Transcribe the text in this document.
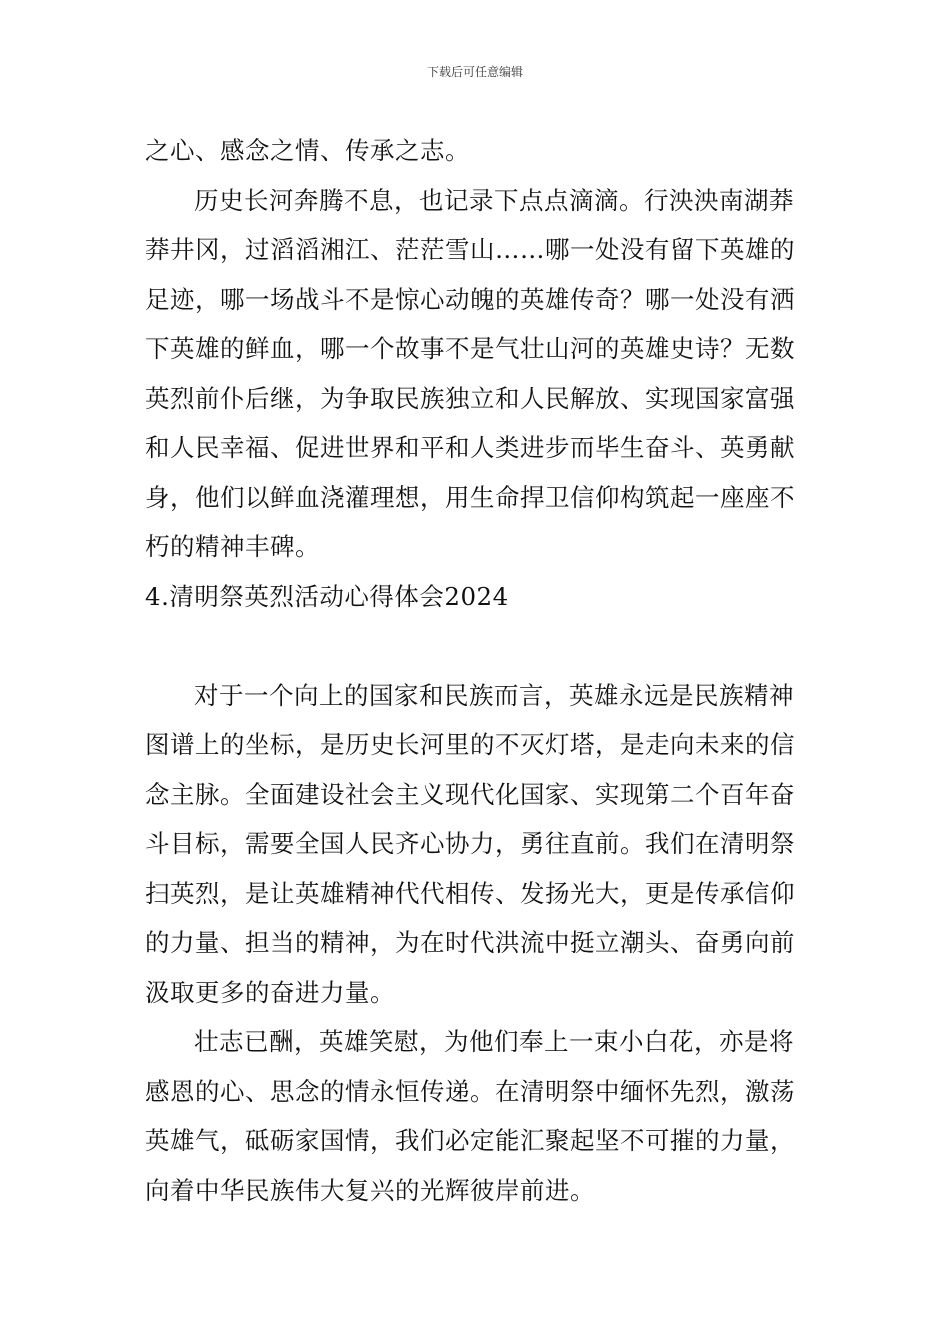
下载后可任意编辑

之心、感念之情、传承之志。

历史长河奔腾不息，也记录下点点滴滴。行泱泱南湖莽莽井冈，过滔滔湘江、茫茫雪山……哪一处没有留下英雄的足迹，哪一场战斗不是惊心动魄的英雄传奇？哪一处没有洒下英雄的鲜血，哪一个故事不是气壮山河的英雄史诗？无数英烈前仆后继，为争取民族独立和人民解放、实现国家富强和人民幸福、促进世界和平和人类进步而毕生奋斗、英勇献身，他们以鲜血浇灌理想，用生命捍卫信仰构筑起一座座不朽的精神丰碑。

4.清明祭英烈活动心得体会2024

对于一个向上的国家和民族而言，英雄永远是民族精神图谱上的坐标，是历史长河里的不灭灯塔，是走向未来的信念主脉。全面建设社会主义现代化国家、实现第二个百年奋斗目标，需要全国人民齐心协力，勇往直前。我们在清明祭扫英烈，是让英雄精神代代相传、发扬光大，更是传承信仰的力量、担当的精神，为在时代洪流中挺立潮头、奋勇向前汲取更多的奋进力量。

壮志已酬，英雄笑慰，为他们奉上一束小白花，亦是将感恩的心、思念的情永恒传递。在清明祭中缅怀先烈，激荡英雄气，砥砺家国情，我们必定能汇聚起坚不可摧的力量，向着中华民族伟大复兴的光辉彼岸前进。
